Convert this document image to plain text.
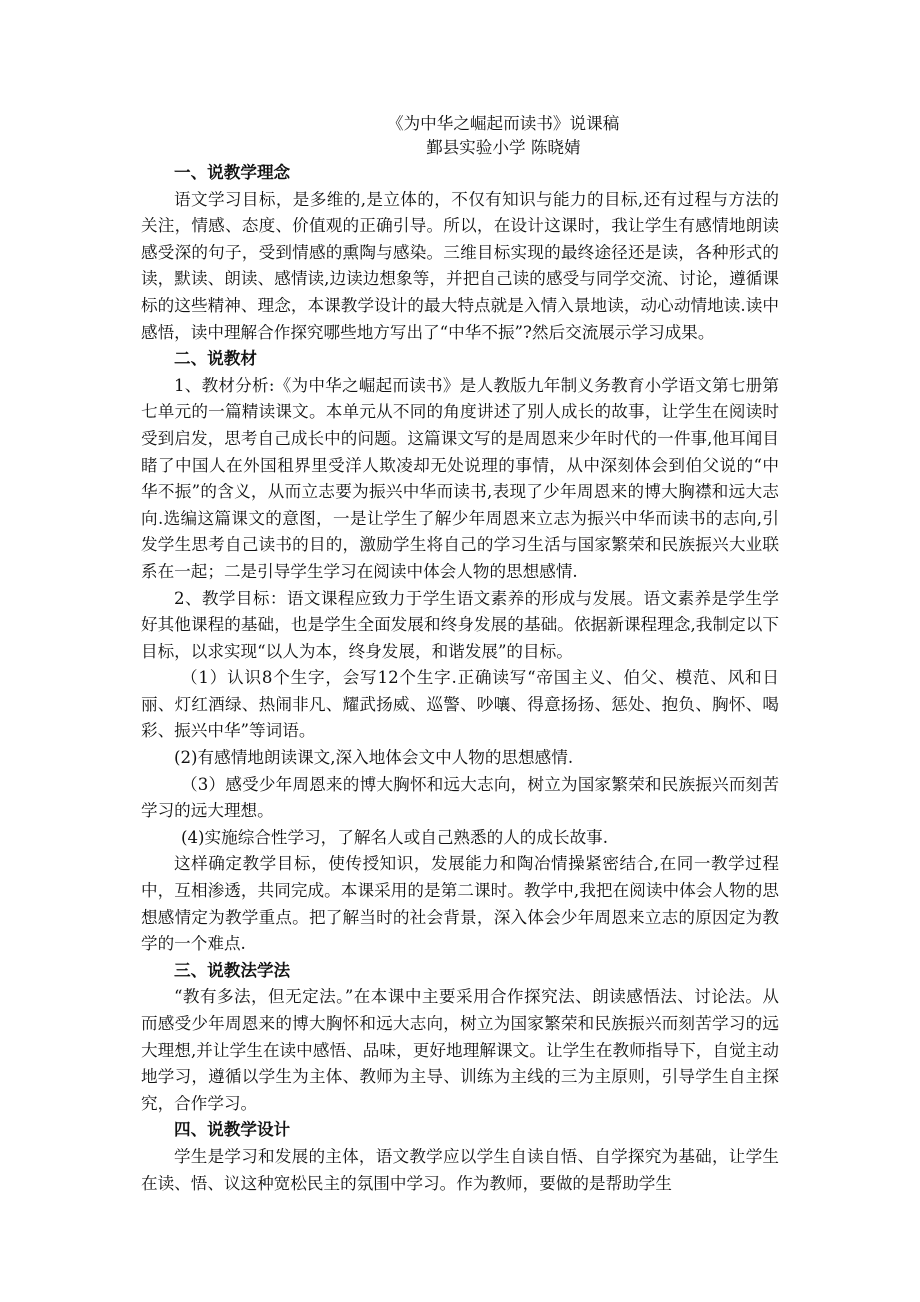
《为中华之崛起而读书》说课稿
鄞县实验小学 陈晓婧
一、说教学理念

语文学习目标，是多维的,是立体的，不仅有知识与能力的目标,还有过程与方法的关注，情感、态度、价值观的正确引导。所以，在设计这课时，我让学生有感情地朗读感受深的句子，受到情感的熏陶与感染。三维目标实现的最终途径还是读，各种形式的读，默读、朗读、感情读,边读边想象等，并把自己读的感受与同学交流、讨论，遵循课标的这些精神、理念，本课教学设计的最大特点就是入情入景地读，动心动情地读.读中感悟，读中理解合作探究哪些地方写出了“中华不振”?然后交流展示学习成果。

二、说教材

1、教材分析:《为中华之崛起而读书》是人教版九年制义务教育小学语文第七册第七单元的一篇精读课文。本单元从不同的角度讲述了别人成长的故事，让学生在阅读时受到启发，思考自己成长中的问题。这篇课文写的是周恩来少年时代的一件事,他耳闻目睹了中国人在外国租界里受洋人欺凌却无处说理的事情，从中深刻体会到伯父说的“中华不振”的含义，从而立志要为振兴中华而读书,表现了少年周恩来的博大胸襟和远大志向.选编这篇课文的意图，一是让学生了解少年周恩来立志为振兴中华而读书的志向,引发学生思考自己读书的目的，激励学生将自己的学习生活与国家繁荣和民族振兴大业联系在一起；二是引导学生学习在阅读中体会人物的思想感情.

2、教学目标：语文课程应致力于学生语文素养的形成与发展。语文素养是学生学好其他课程的基础，也是学生全面发展和终身发展的基础。依据新课程理念,我制定以下目标，以求实现“以人为本，终身发展，和谐发展”的目标。

（1）认识8个生字，会写12个生字.正确读写“帝国主义、伯父、模范、风和日丽、灯红酒绿、热闹非凡、耀武扬威、巡警、吵嚷、得意扬扬、惩处、抱负、胸怀、喝彩、振兴中华”等词语。

(2)有感情地朗读课文,深入地体会文中人物的思想感情.

（3）感受少年周恩来的博大胸怀和远大志向，树立为国家繁荣和民族振兴而刻苦学习的远大理想。

(4)实施综合性学习，了解名人或自己熟悉的人的成长故事.

这样确定教学目标，使传授知识，发展能力和陶冶情操紧密结合,在同一教学过程中，互相渗透，共同完成。本课采用的是第二课时。教学中,我把在阅读中体会人物的思想感情定为教学重点。把了解当时的社会背景，深入体会少年周恩来立志的原因定为教学的一个难点.

三、说教法学法

“教有多法，但无定法。”在本课中主要采用合作探究法、朗读感悟法、讨论法。从而感受少年周恩来的博大胸怀和远大志向，树立为国家繁荣和民族振兴而刻苦学习的远大理想,并让学生在读中感悟、品味，更好地理解课文。让学生在教师指导下，自觉主动地学习，遵循以学生为主体、教师为主导、训练为主线的三为主原则，引导学生自主探究，合作学习。

四、说教学设计

学生是学习和发展的主体，语文教学应以学生自读自悟、自学探究为基础，让学生在读、悟、议这种宽松民主的氛围中学习。作为教师，要做的是帮助学生
